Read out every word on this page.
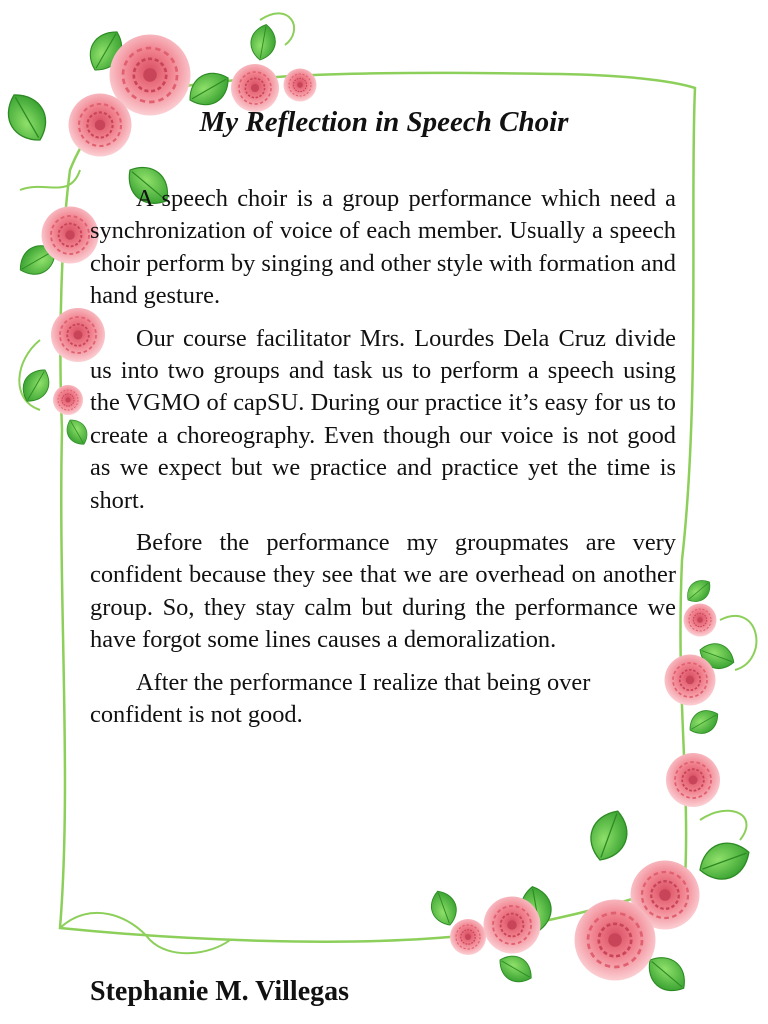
My Reflection in Speech Choir

A speech choir is a group performance which need a synchronization of voice of each member. Usually a speech choir perform by singing and other style with formation and hand gesture.

Our course facilitator Mrs. Lourdes Dela Cruz divide us into two groups and task us to perform a speech using the VGMO of capSU. During our practice it’s easy for us to create a choreography. Even though our voice is not good as we expect but we practice and practice yet the time is short.

Before the performance my groupmates are very confident because they see that we are overhead on another group. So, they stay calm but during the performance we have forgot some lines causes a demoralization.

After the performance I realize that being over confident is not good.

Stephanie M. Villegas
